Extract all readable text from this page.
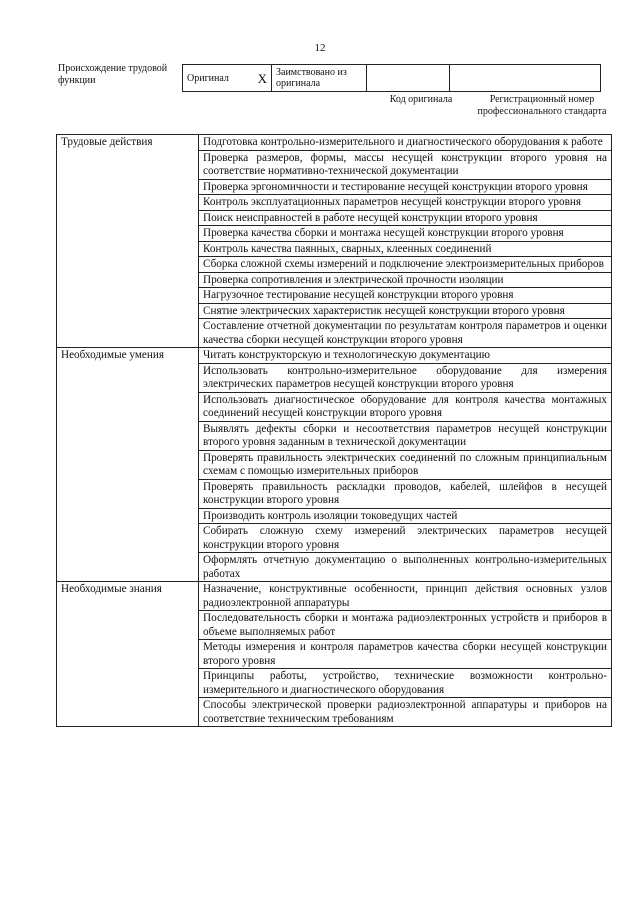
12
Происхождение трудовой функции	Оригинал X	Заимствовано из оригинала		
Код оригинала	Регистрационный номер профессионального стандарта
Трудовые действия	Подготовка контрольно-измерительного и диагностического оборудования к работе
	Проверка размеров, формы, массы несущей конструкции второго уровня на соответствие нормативно-технической документации
	Проверка эргономичности и тестирование несущей конструкции второго уровня
	Контроль эксплуатационных параметров несущей конструкции второго уровня
	Поиск неисправностей в работе несущей конструкции второго уровня
	Проверка качества сборки и монтажа несущей конструкции второго уровня
	Контроль качества паянных, сварных, клеенных соединений
	Сборка сложной схемы измерений и подключение электроизмерительных приборов
	Проверка сопротивления и электрической прочности изоляции
	Нагрузочное тестирование несущей конструкции второго уровня
	Снятие электрических характеристик несущей конструкции второго уровня
	Составление отчетной документации по результатам контроля параметров и оценки качества сборки несущей конструкции второго уровня
Необходимые умения	Читать конструкторскую и технологическую документацию
	Использовать контрольно-измерительное оборудование для измерения электрических параметров несущей конструкции второго уровня
	Использовать диагностическое оборудование для контроля качества монтажных соединений несущей конструкции второго уровня
	Выявлять дефекты сборки и несоответствия параметров несущей конструкции второго уровня заданным в технической документации
	Проверять правильность электрических соединений по сложным принципиальным схемам с помощью измерительных приборов
	Проверять правильность раскладки проводов, кабелей, шлейфов в несущей конструкции второго уровня
	Производить контроль изоляции токоведущих частей
	Собирать сложную схему измерений электрических параметров несущей конструкции второго уровня
	Оформлять отчетную документацию о выполненных контрольно-измерительных работах
Необходимые знания	Назначение, конструктивные особенности, принцип действия основных узлов радиоэлектронной аппаратуры
	Последовательность сборки и монтажа радиоэлектронных устройств и приборов в объеме выполняемых работ
	Методы измерения и контроля параметров качества сборки несущей конструкции второго уровня
	Принципы работы, устройство, технические возможности контрольно-измерительного и диагностического оборудования
	Способы электрической проверки радиоэлектронной аппаратуры и приборов на соответствие техническим требованиям
